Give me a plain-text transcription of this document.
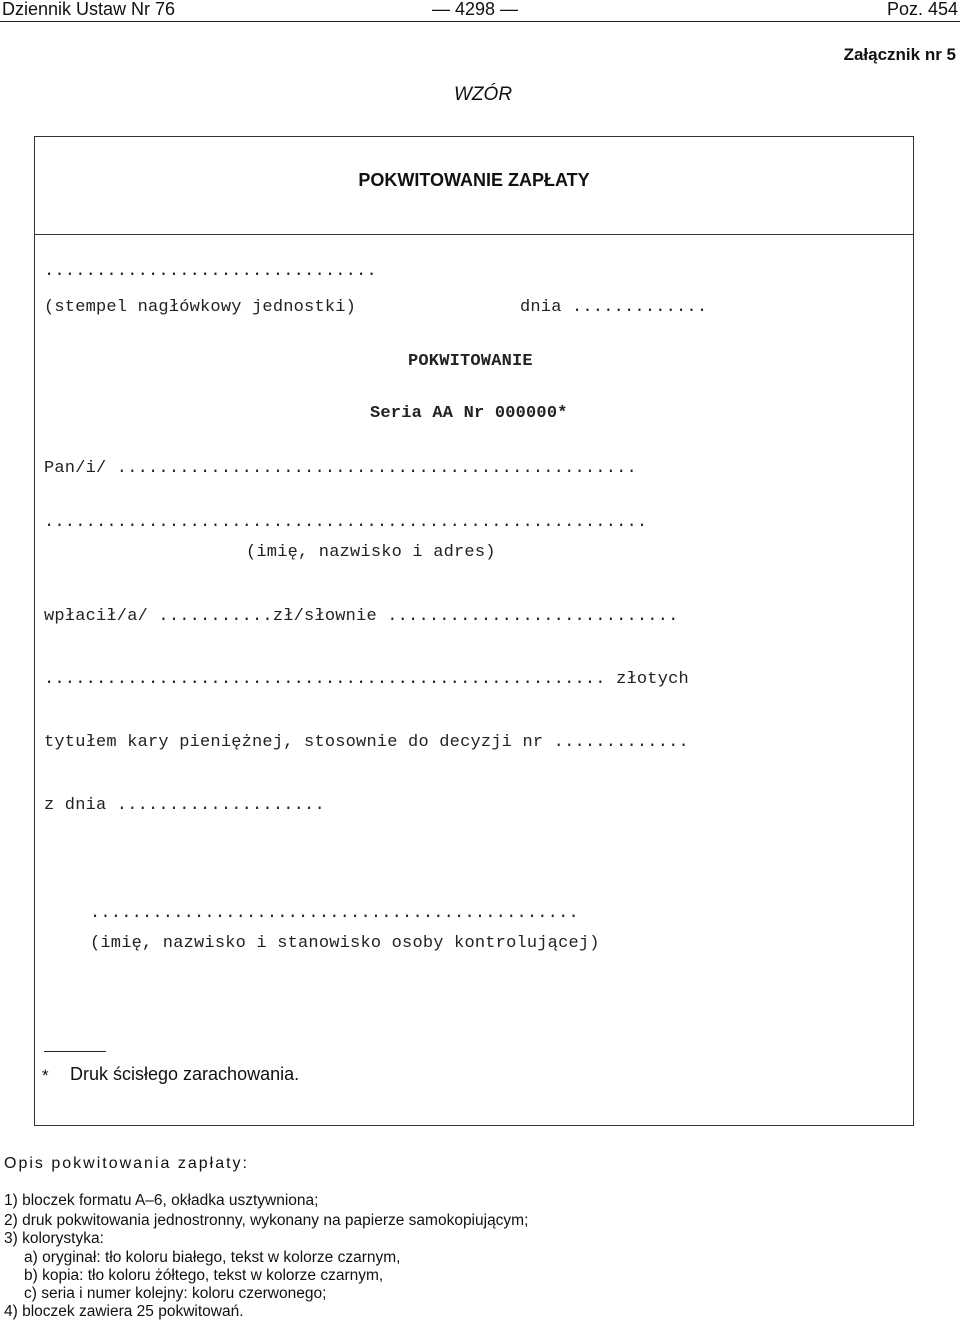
Dziennik Ustaw Nr 76	— 4298 —	Poz. 454
Załącznik nr 5
WZÓR
POKWITOWANIE ZAPŁATY
................................
(stempel nagłówkowy jednostki)	dnia .............
POKWITOWANIE
Seria AA Nr 000000*
Pan/i/ ..................................................
..........................................................
(imię, nazwisko i adres)
wpłacił/a/ ...........zł/słownie ............................
...................................................... złotych
tytułem kary pieniężnej, stosownie do decyzji nr .............
z dnia ....................
...............................................
(imię, nazwisko i stanowisko osoby kontrolującej)
* Druk ścisłego zarachowania.
Opis pokwitowania zapłaty:
1) bloczek formatu A–6, okładka usztywniona;
2) druk pokwitowania jednostronny, wykonany na papierze samokopiującym;
3) kolorystyka:
a) oryginał: tło koloru białego, tekst w kolorze czarnym,
b) kopia: tło koloru żółtego, tekst w kolorze czarnym,
c) seria i numer kolejny: koloru czerwonego;
4) bloczek zawiera 25 pokwitowań.
